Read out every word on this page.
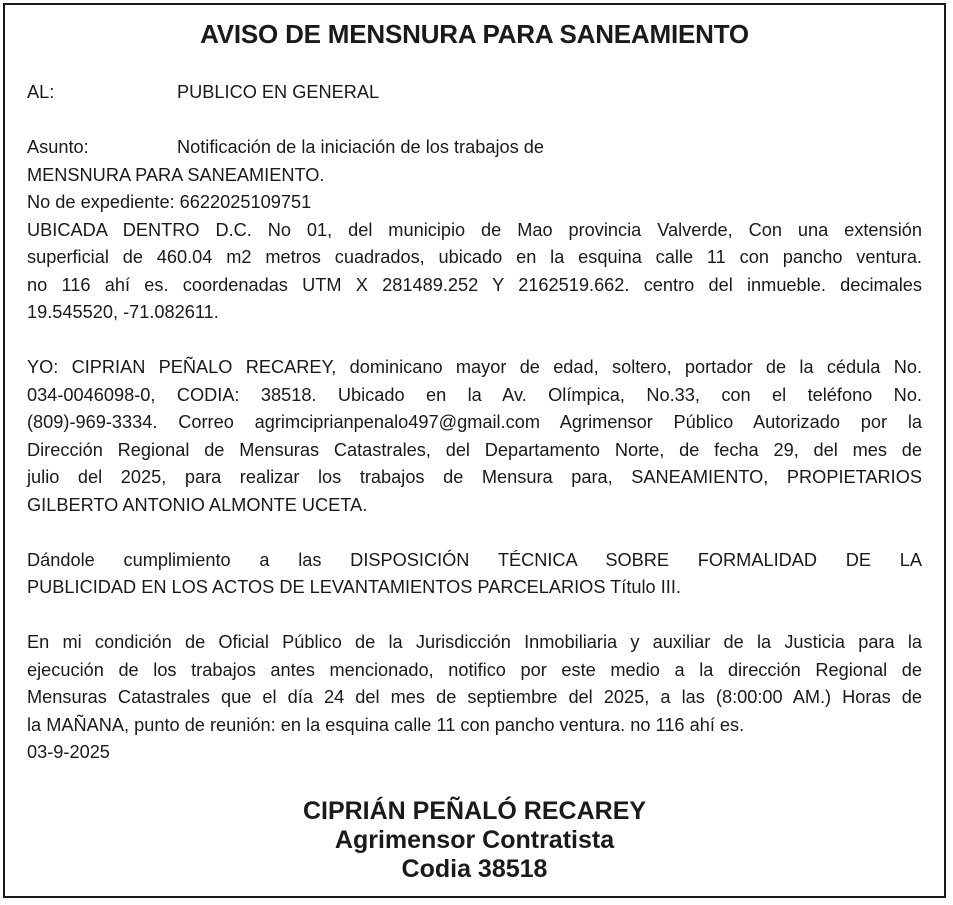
AVISO DE MENSNURA PARA SANEAMIENTO
AL:	PUBLICO EN GENERAL
Asunto:	Notificación de la iniciación de los trabajos de
MENSNURA PARA SANEAMIENTO.
No de expediente: 6622025109751
UBICADA DENTRO D.C. No 01, del municipio de Mao provincia Valverde, Con una extensión
superficial de 460.04 m2 metros cuadrados, ubicado en la esquina calle 11 con pancho ventura.
no 116 ahí es. coordenadas UTM X 281489.252 Y 2162519.662. centro del inmueble. decimales
19.545520, -71.082611.
YO: CIPRIAN PEÑALO RECAREY, dominicano mayor de edad, soltero, portador de la cédula No.
034-0046098-0, CODIA: 38518. Ubicado en la Av. Olímpica, No.33, con el teléfono No.
(809)-969-3334. Correo agrimciprianpenalo497@gmail.com Agrimensor Público Autorizado por la
Dirección Regional de Mensuras Catastrales, del Departamento Norte, de fecha 29, del mes de
julio del 2025, para realizar los trabajos de Mensura para, SANEAMIENTO, PROPIETARIOS
GILBERTO ANTONIO ALMONTE UCETA.
Dándole cumplimiento a las DISPOSICIÓN TÉCNICA SOBRE FORMALIDAD DE LA
PUBLICIDAD EN LOS ACTOS DE LEVANTAMIENTOS PARCELARIOS Título III.
En mi condición de Oficial Público de la Jurisdicción Inmobiliaria y auxiliar de la Justicia para la
ejecución de los trabajos antes mencionado, notifico por este medio a la dirección Regional de
Mensuras Catastrales que el día 24 del mes de septiembre del 2025, a las (8:00:00 AM.) Horas de
la MAÑANA, punto de reunión: en la esquina calle 11 con pancho ventura. no 116 ahí es.
03-9-2025
CIPRIÁN PEÑALÓ RECAREY
Agrimensor Contratista
Codia 38518
